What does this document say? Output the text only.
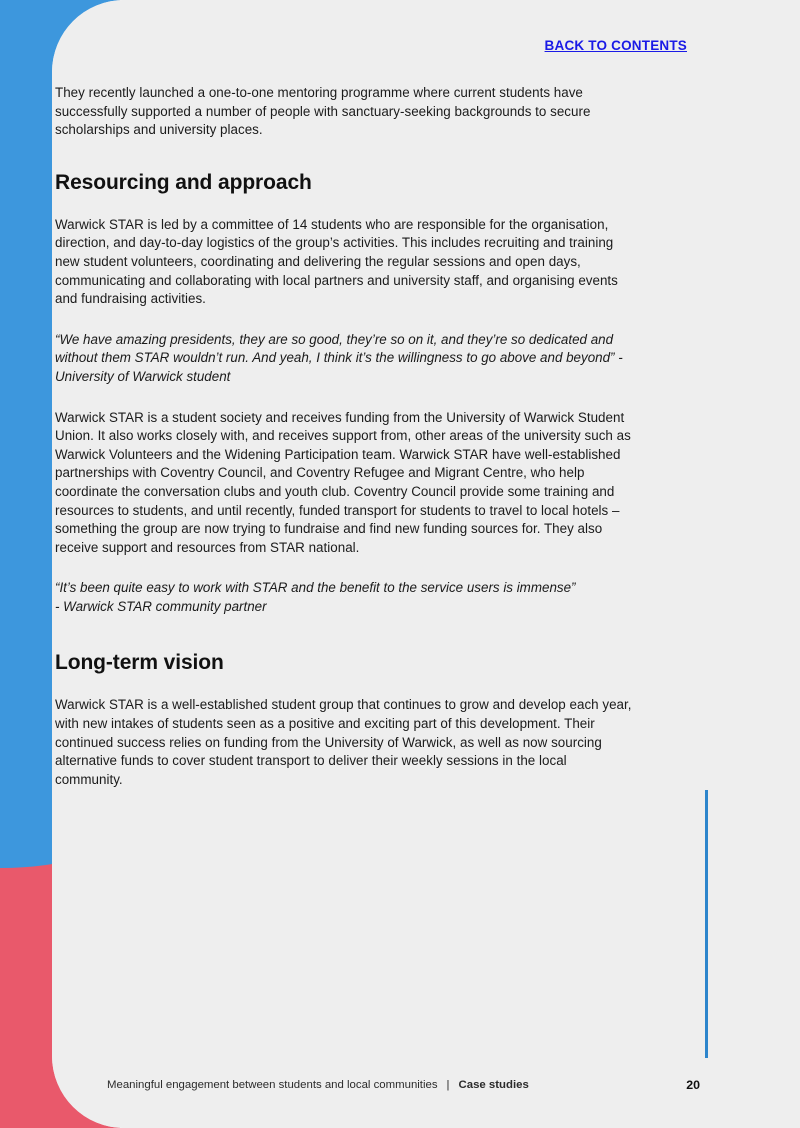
BACK TO CONTENTS

They recently launched a one-to-one mentoring programme where current students have successfully supported a number of people with sanctuary-seeking backgrounds to secure scholarships and university places.

Resourcing and approach

Warwick STAR is led by a committee of 14 students who are responsible for the organisation, direction, and day-to-day logistics of the group’s activities. This includes recruiting and training new student volunteers, coordinating and delivering the regular sessions and open days, communicating and collaborating with local partners and university staff, and organising events and fundraising activities.

“We have amazing presidents, they are so good, they’re so on it, and they’re so dedicated and without them STAR wouldn’t run. And yeah, I think it’s the willingness to go above and beyond” - University of Warwick student

Warwick STAR is a student society and receives funding from the University of Warwick Student Union. It also works closely with, and receives support from, other areas of the university such as Warwick Volunteers and the Widening Participation team. Warwick STAR have well-established partnerships with Coventry Council, and Coventry Refugee and Migrant Centre, who help coordinate the conversation clubs and youth club. Coventry Council provide some training and resources to students, and until recently, funded transport for students to travel to local hotels – something the group are now trying to fundraise and find new funding sources for. They also receive support and resources from STAR national.

“It’s been quite easy to work with STAR and the benefit to the service users is immense”

- Warwick STAR community partner

Long-term vision

Warwick STAR is a well-established student group that continues to grow and develop each year, with new intakes of students seen as a positive and exciting part of this development. Their continued success relies on funding from the University of Warwick, as well as now sourcing alternative funds to cover student transport to deliver their weekly sessions in the local community.

Meaningful engagement between students and local communities | Case studies	20
